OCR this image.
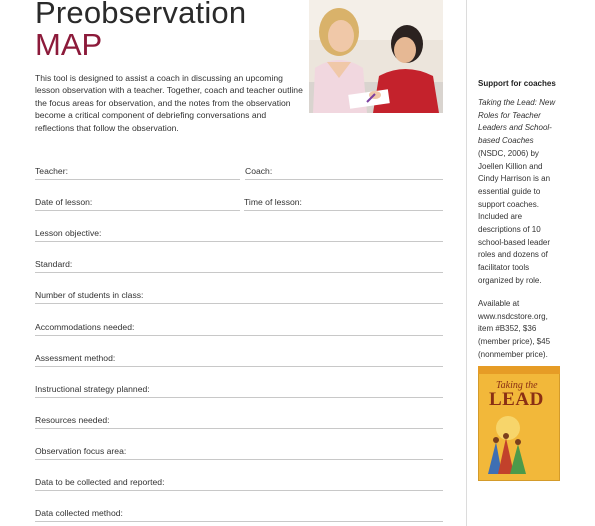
Preobservation
MAP
This tool is designed to assist a coach in discussing an upcoming lesson observation with a teacher. Together, coach and teacher outline the focus areas for observation, and the notes from the observation become a critical component of debriefing conversations and reflections that follow the observation.
Teacher:	Coach:
Date of lesson:	Time of lesson:
Lesson objective:
Standard:
Number of students in class:
Accommodations needed:
Assessment method:
Instructional strategy planned:
Resources needed:
Observation focus area:
Data to be collected and reported:
Data collected method:
Support for coaches
Taking the Lead: New Roles for Teacher Leaders and School-based Coaches (NSDC, 2006) by Joellen Killion and Cindy Harrison is an essential guide to support coaches. Included are descriptions of 10 school-based leader roles and dozens of facilitator tools organized by role.
Available at www.nsdcstore.org, item #B352, $36 (member price), $45 (nonmember price).
Taking the
LEAD
